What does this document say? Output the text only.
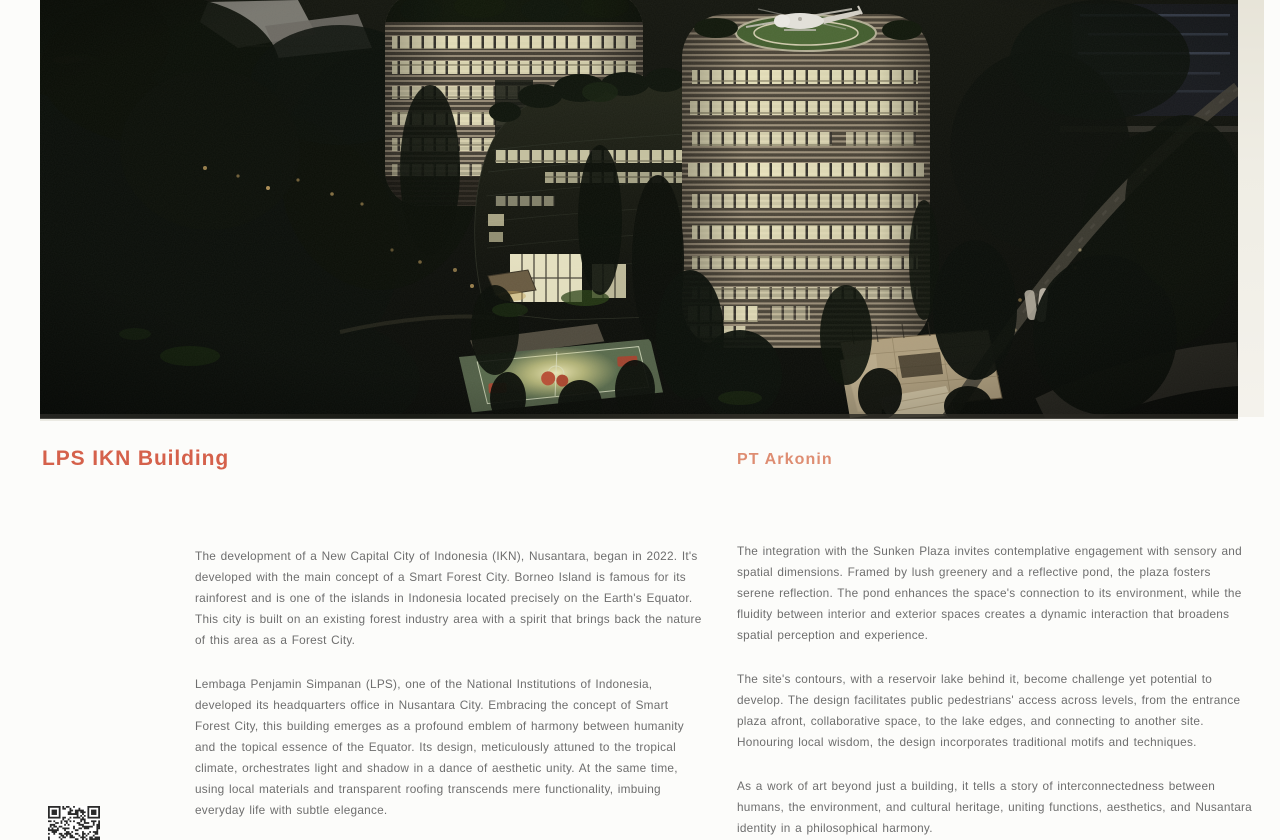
LPS IKN Building	PT Arkonin

The development of a New Capital City of Indonesia (IKN), Nusantara, began in 2022. It's developed with the main concept of a Smart Forest City. Borneo Island is famous for its rainforest and is one of the islands in Indonesia located precisely on the Earth's Equator. This city is built on an existing forest industry area with a spirit that brings back the nature of this area as a Forest City.

Lembaga Penjamin Simpanan (LPS), one of the National Institutions of Indonesia, developed its headquarters office in Nusantara City. Embracing the concept of Smart Forest City, this building emerges as a profound emblem of harmony between humanity and the topical essence of the Equator. Its design, meticulously attuned to the tropical climate, orchestrates light and shadow in a dance of aesthetic unity. At the same time, using local materials and transparent roofing transcends mere functionality, imbuing everyday life with subtle elegance.

The integration with the Sunken Plaza invites contemplative engagement with sensory and spatial dimensions. Framed by lush greenery and a reflective pond, the plaza fosters serene reflection. The pond enhances the space's connection to its environment, while the fluidity between interior and exterior spaces creates a dynamic interaction that broadens spatial perception and experience.

The site's contours, with a reservoir lake behind it, become challenge yet potential to develop. The design facilitates public pedestrians' access across levels, from the entrance plaza afront, collaborative space, to the lake edges, and connecting to another site. Honouring local wisdom, the design incorporates traditional motifs and techniques.

As a work of art beyond just a building, it tells a story of interconnectedness between humans, the environment, and cultural heritage, uniting functions, aesthetics, and Nusantara identity in a philosophical harmony.
